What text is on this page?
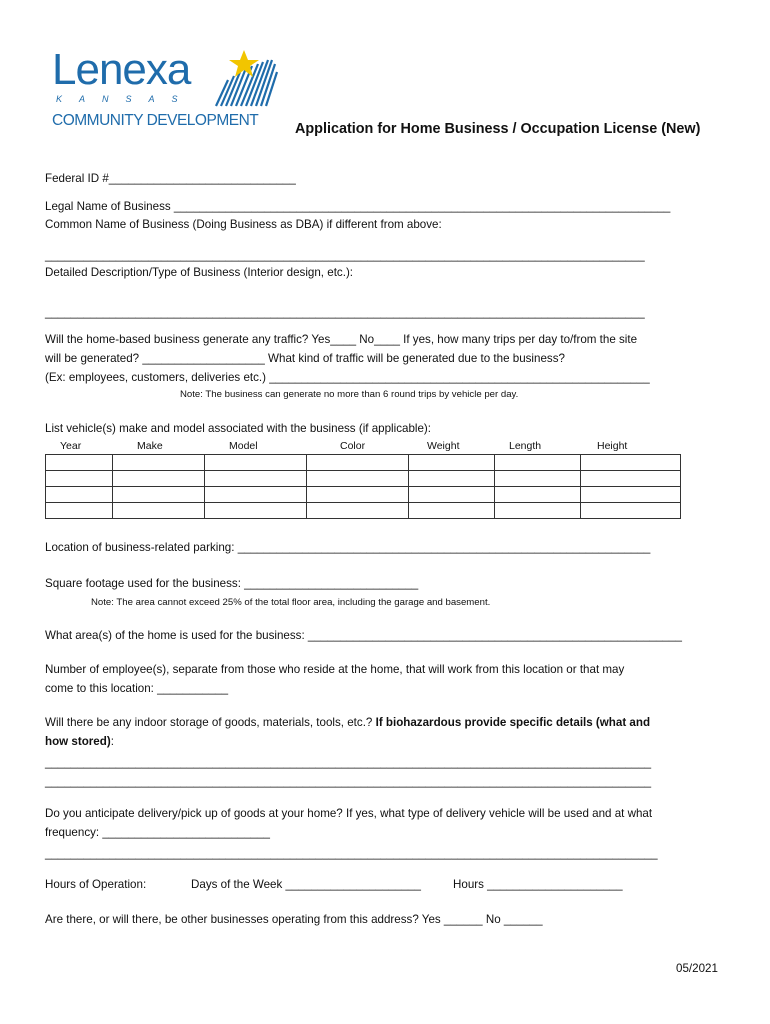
Lenexa
KANSAS
COMMUNITY DEVELOPMENT	Application for Home Business / Occupation License (New)
Federal ID #_____________________________
Legal Name of Business _____________________________________________________________________________
Common Name of Business (Doing Business as DBA) if different from above:
_____________________________________________________________________________________________
Detailed Description/Type of Business (Interior design, etc.):
_____________________________________________________________________________________________
Will the home-based business generate any traffic? Yes____ No____ If yes, how many trips per day to/from the site
will be generated? ___________________ What kind of traffic will be generated due to the business?
(Ex: employees, customers, deliveries etc.) ___________________________________________________________
Note: The business can generate no more than 6 round trips by vehicle per day.
List vehicle(s) make and model associated with the business (if applicable):
Year	Make	Model	Color	Weight	Length	Height

Location of business-related parking: ________________________________________________________________
Square footage used for the business: ___________________________
Note: The area cannot exceed 25% of the total floor area, including the garage and basement.
What area(s) of the home is used for the business: __________________________________________________________
Number of employee(s), separate from those who reside at the home, that will work from this location or that may
come to this location: ___________
Will there be any indoor storage of goods, materials, tools, etc.? If biohazardous provide specific details (what and
how stored):
______________________________________________________________________________________________
______________________________________________________________________________________________
Do you anticipate delivery/pick up of goods at your home? If yes, what type of delivery vehicle will be used and at what
frequency: __________________________
_______________________________________________________________________________________________
Hours of Operation:	Days of the Week _____________________	Hours _____________________
Are there, or will there, be other businesses operating from this address? Yes ______ No ______
05/2021
